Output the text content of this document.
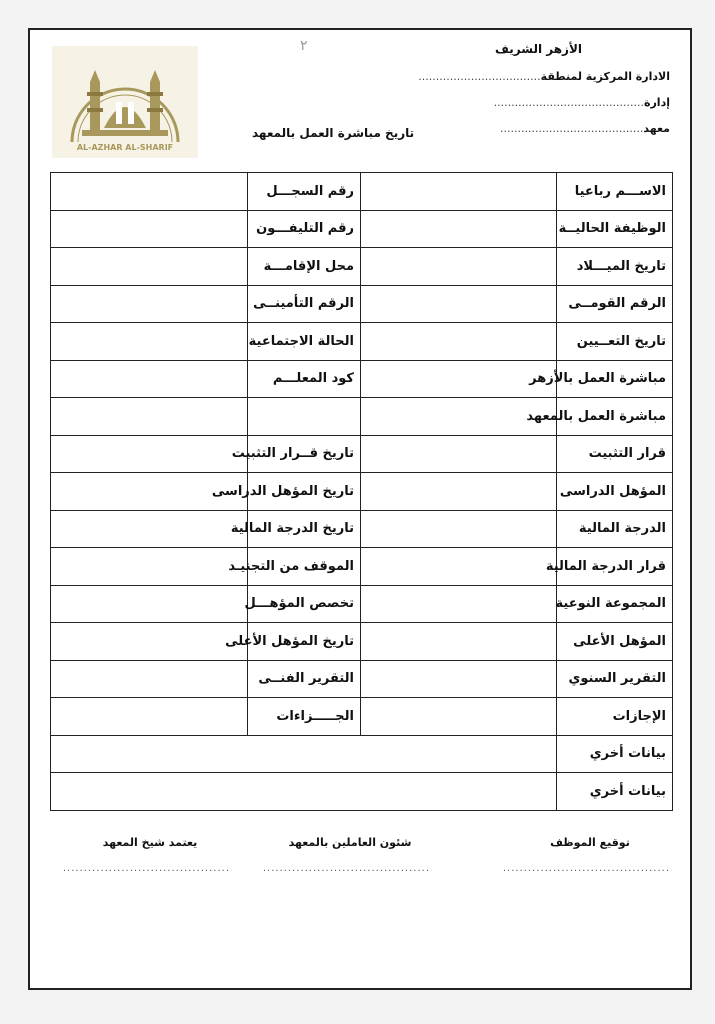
٢
AL-AZHAR AL-SHARIF
الأزهر الشريف
الادارة المركزية لمنطقة...................................
إدارة...........................................
معهد.........................................
تاريخ مباشرة العمل بالمعهد
الاســـم رباعيا		رقم السجـــل	
الوظيفة الحاليــة		رقم التليفـــون	
تاريخ الميـــلاد		محل الإقامـــة	
الرقم القومــى		الرقم التأمينــى	
تاريخ التعــيين		الحالة الاجتماعية	
مباشرة العمل بالأزهر		كود المعلـــم	
مباشرة العمل بالمعهد			
قرار التثبيت		تاريخ قــرار التثبيت	
المؤهل الدراسى		تاريخ المؤهل الدراسى	
الدرجة المالية		تاريخ الدرجة المالية	
قرار الدرجة المالية		الموقف من التجنيـد	
المجموعة النوعية		تخصص المؤهـــل	
المؤهل الأعلى		تاريخ المؤهل الأعلى	
التقرير السنوي		التقرير الفنــى	
الإجازات		الجـــــزاءات	
بيانات أخري			
بيانات أخري			
توقيع الموظف
........................................
شئون العاملين بالمعهد
........................................
يعتمد شيخ المعهد
........................................
